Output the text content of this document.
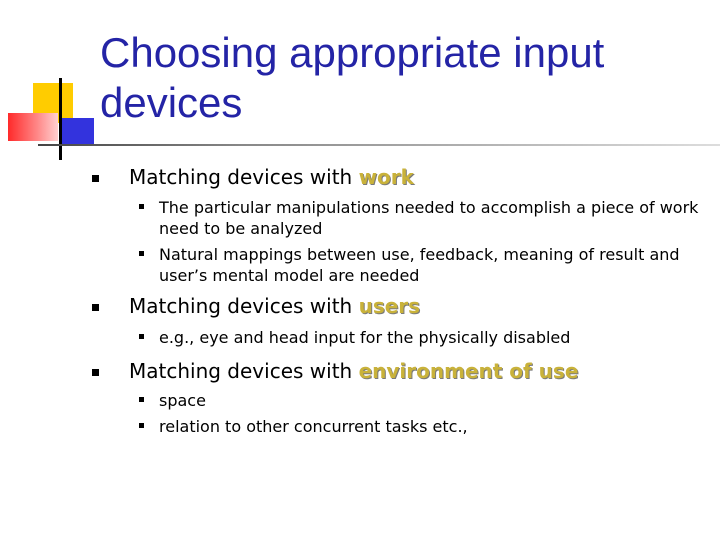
Choosing appropriate input devices
Matching devices with work
The particular manipulations needed to accomplish a piece of work need to be analyzed
Natural mappings between use, feedback, meaning of result and user’s mental model are needed
Matching devices with users
e.g., eye and head input for the physically disabled
Matching devices with environment of use
space
relation to other concurrent tasks etc.,
